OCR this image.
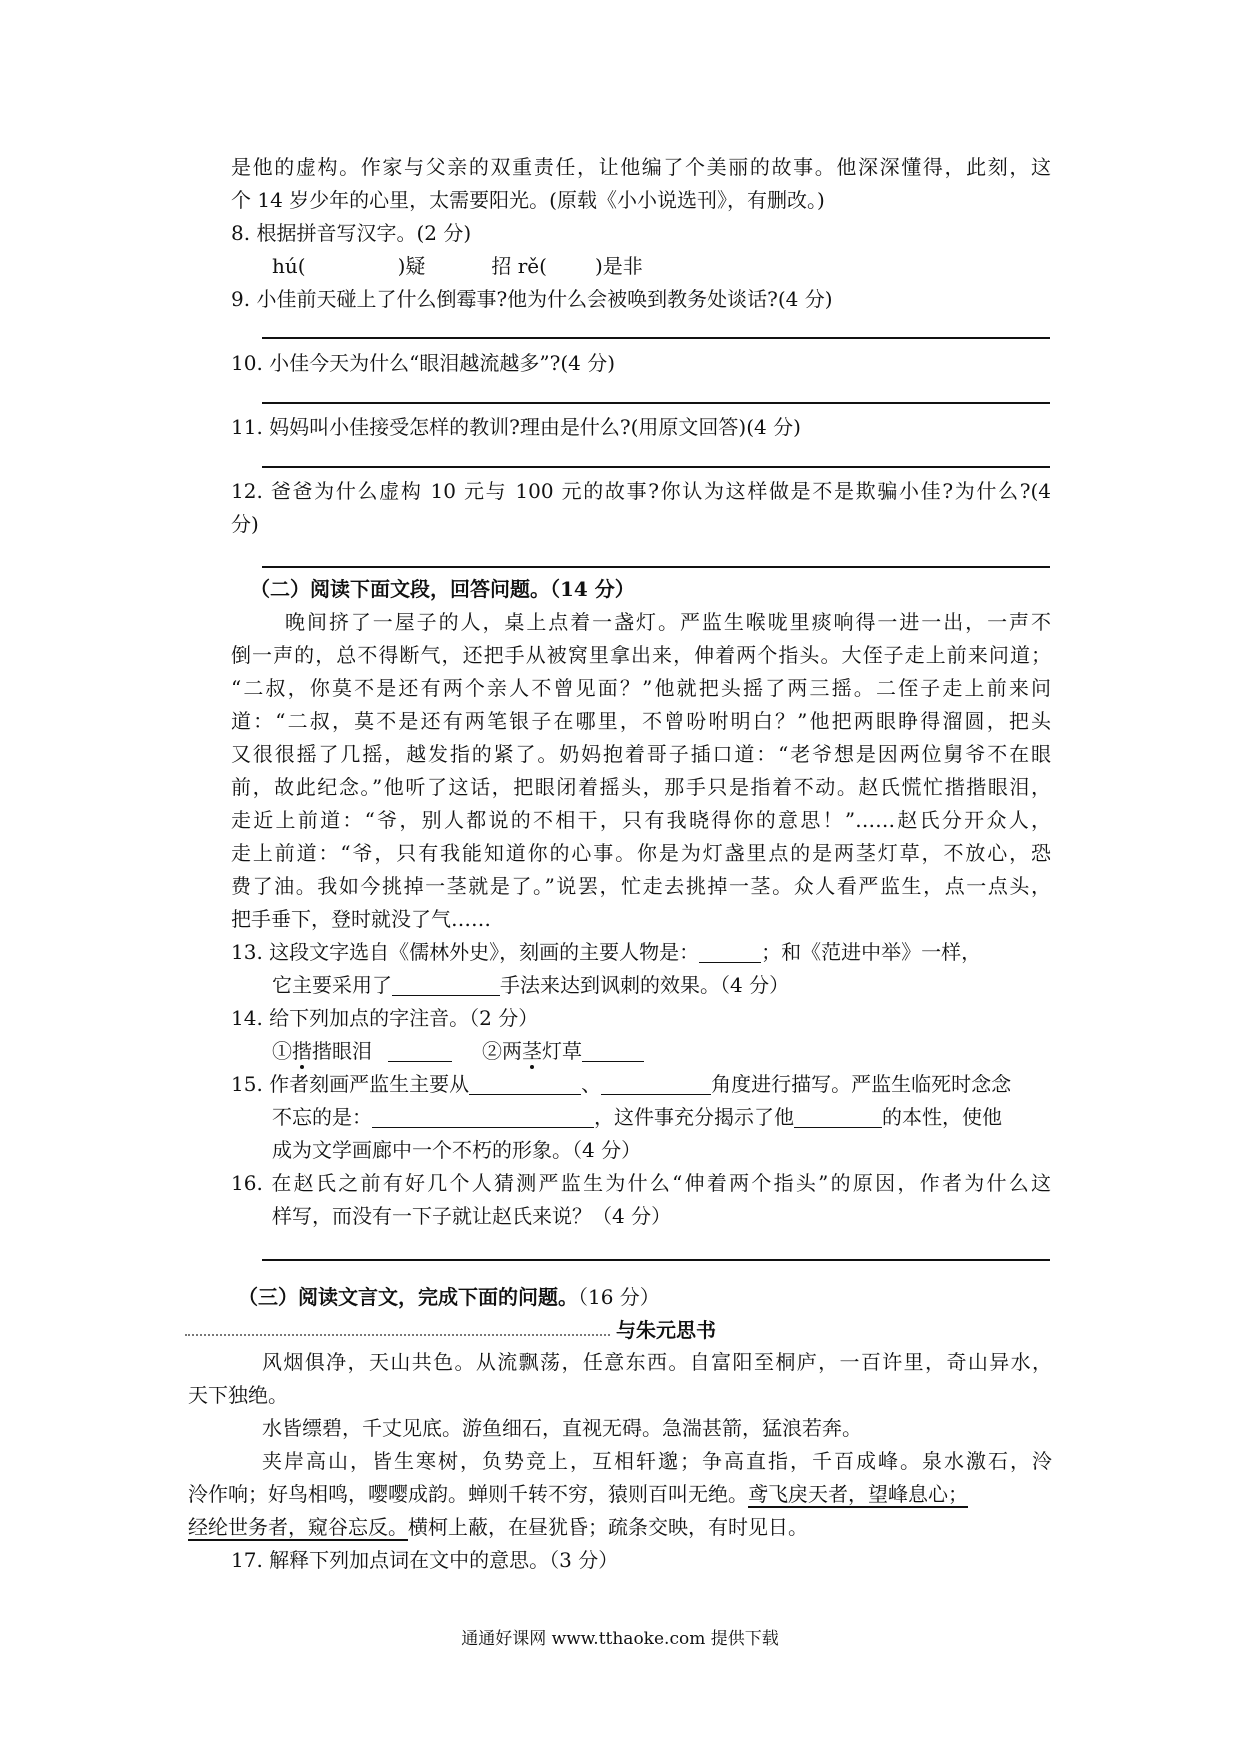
是他的虚构。作家与父亲的双重责任，让他编了个美丽的故事。他深深懂得，此刻，这
个 14 岁少年的心里，太需要阳光。(原载《小小说选刊》，有删改。)
8. 根据拼音写汉字。(2 分)
hú(	)疑	招 rě( )是非
9. 小佳前天碰上了什么倒霉事?他为什么会被唤到教务处谈话?(4 分)
10. 小佳今天为什么“眼泪越流越多”?(4 分)
11. 妈妈叫小佳接受怎样的教训?理由是什么?(用原文回答)(4 分)
12. 爸爸为什么虚构 10 元与 100 元的故事?你认为这样做是不是欺骗小佳?为什么?(4
分)
（二）阅读下面文段，回答问题。（14 分）
晚间挤了一屋子的人，桌上点着一盏灯。严监生喉咙里痰响得一进一出，一声不
倒一声的，总不得断气，还把手从被窝里拿出来，伸着两个指头。大侄子走上前来问道；
“二叔，你莫不是还有两个亲人不曾见面？”他就把头摇了两三摇。二侄子走上前来问
道：“二叔，莫不是还有两笔银子在哪里，不曾吩咐明白？”他把两眼睁得溜圆，把头
又很很摇了几摇，越发指的紧了。奶妈抱着哥子插口道：“老爷想是因两位舅爷不在眼
前，故此纪念。”他听了这话，把眼闭着摇头，那手只是指着不动。赵氏慌忙揩揩眼泪，
走近上前道：“爷，别人都说的不相干，只有我晓得你的意思！”……赵氏分开众人，
走上前道：“爷，只有我能知道你的心事。你是为灯盏里点的是两茎灯草，不放心，恐
费了油。我如今挑掉一茎就是了。”说罢，忙走去挑掉一茎。众人看严监生，点一点头，
把手垂下，登时就没了气……
13. 这段文字选自《儒林外史》，刻画的主要人物是：	；和《范进中举》一样，
它主要采用了	手法来达到讽刺的效果。（4 分）
14. 给下列加点的字注音。（2 分）
①揩揩眼泪	②两茎灯草
15. 作者刻画严监生主要从	、	角度进行描写。严监生临死时念念
不忘的是：	，这件事充分揭示了他	的本性，使他
成为文学画廊中一个不朽的形象。（4 分）
16. 在赵氏之前有好几个人猜测严监生为什么“伸着两个指头”的原因，作者为什么这
样写，而没有一下子就让赵氏来说？（4 分）
（三）阅读文言文，完成下面的问题。（16 分）
与朱元思书
风烟俱净，天山共色。从流飘荡，任意东西。自富阳至桐庐，一百许里，奇山异水，
天下独绝。
水皆缥碧，千丈见底。游鱼细石，直视无碍。急湍甚箭，猛浪若奔。
夹岸高山，皆生寒树，负势竞上，互相轩邈；争高直指，千百成峰。泉水激石，泠
泠作响；好鸟相鸣，嘤嘤成韵。蝉则千转不穷，猿则百叫无绝。鸢飞戾天者，望峰息心；
经纶世务者，窥谷忘反。横柯上蔽，在昼犹昏；疏条交映，有时见日。
17. 解释下列加点词在文中的意思。（3 分）
通通好课网 www.tthaoke.com 提供下载
